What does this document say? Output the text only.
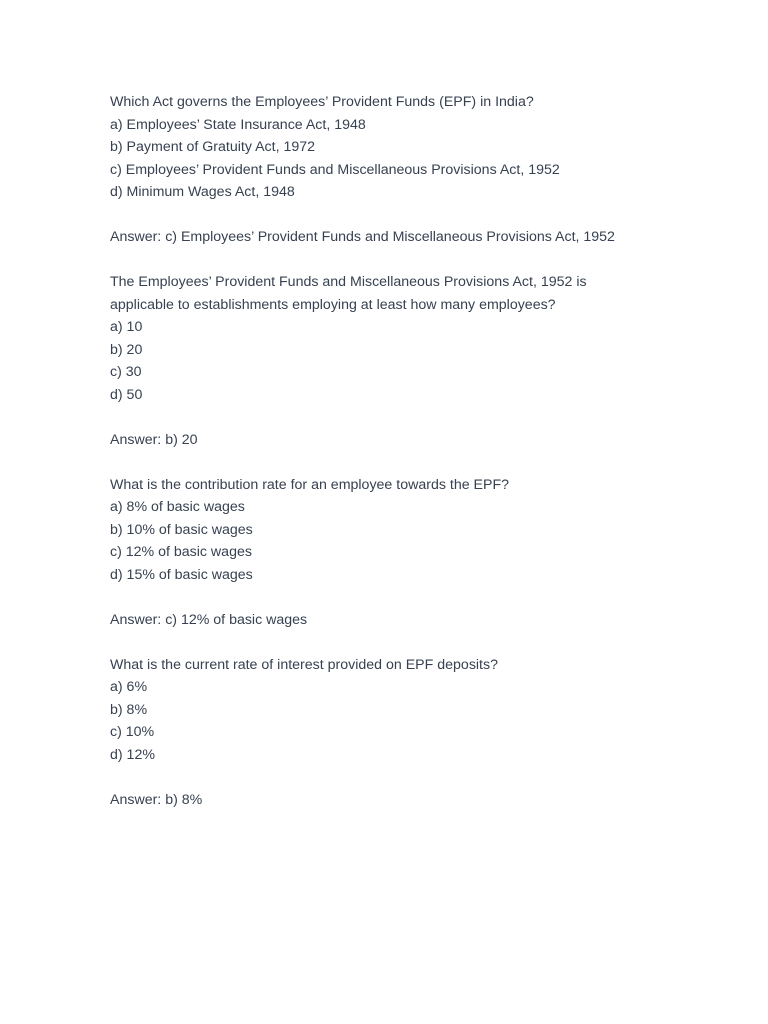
Which Act governs the Employees’ Provident Funds (EPF) in India?

a) Employees’ State Insurance Act, 1948

b) Payment of Gratuity Act, 1972

c) Employees’ Provident Funds and Miscellaneous Provisions Act, 1952

d) Minimum Wages Act, 1948

Answer: c) Employees’ Provident Funds and Miscellaneous Provisions Act, 1952

The Employees’ Provident Funds and Miscellaneous Provisions Act, 1952 is

applicable to establishments employing at least how many employees?

a) 10

b) 20

c) 30

d) 50

Answer: b) 20

What is the contribution rate for an employee towards the EPF?

a) 8% of basic wages

b) 10% of basic wages

c) 12% of basic wages

d) 15% of basic wages

Answer: c) 12% of basic wages

What is the current rate of interest provided on EPF deposits?

a) 6%

b) 8%

c) 10%

d) 12%

Answer: b) 8%
